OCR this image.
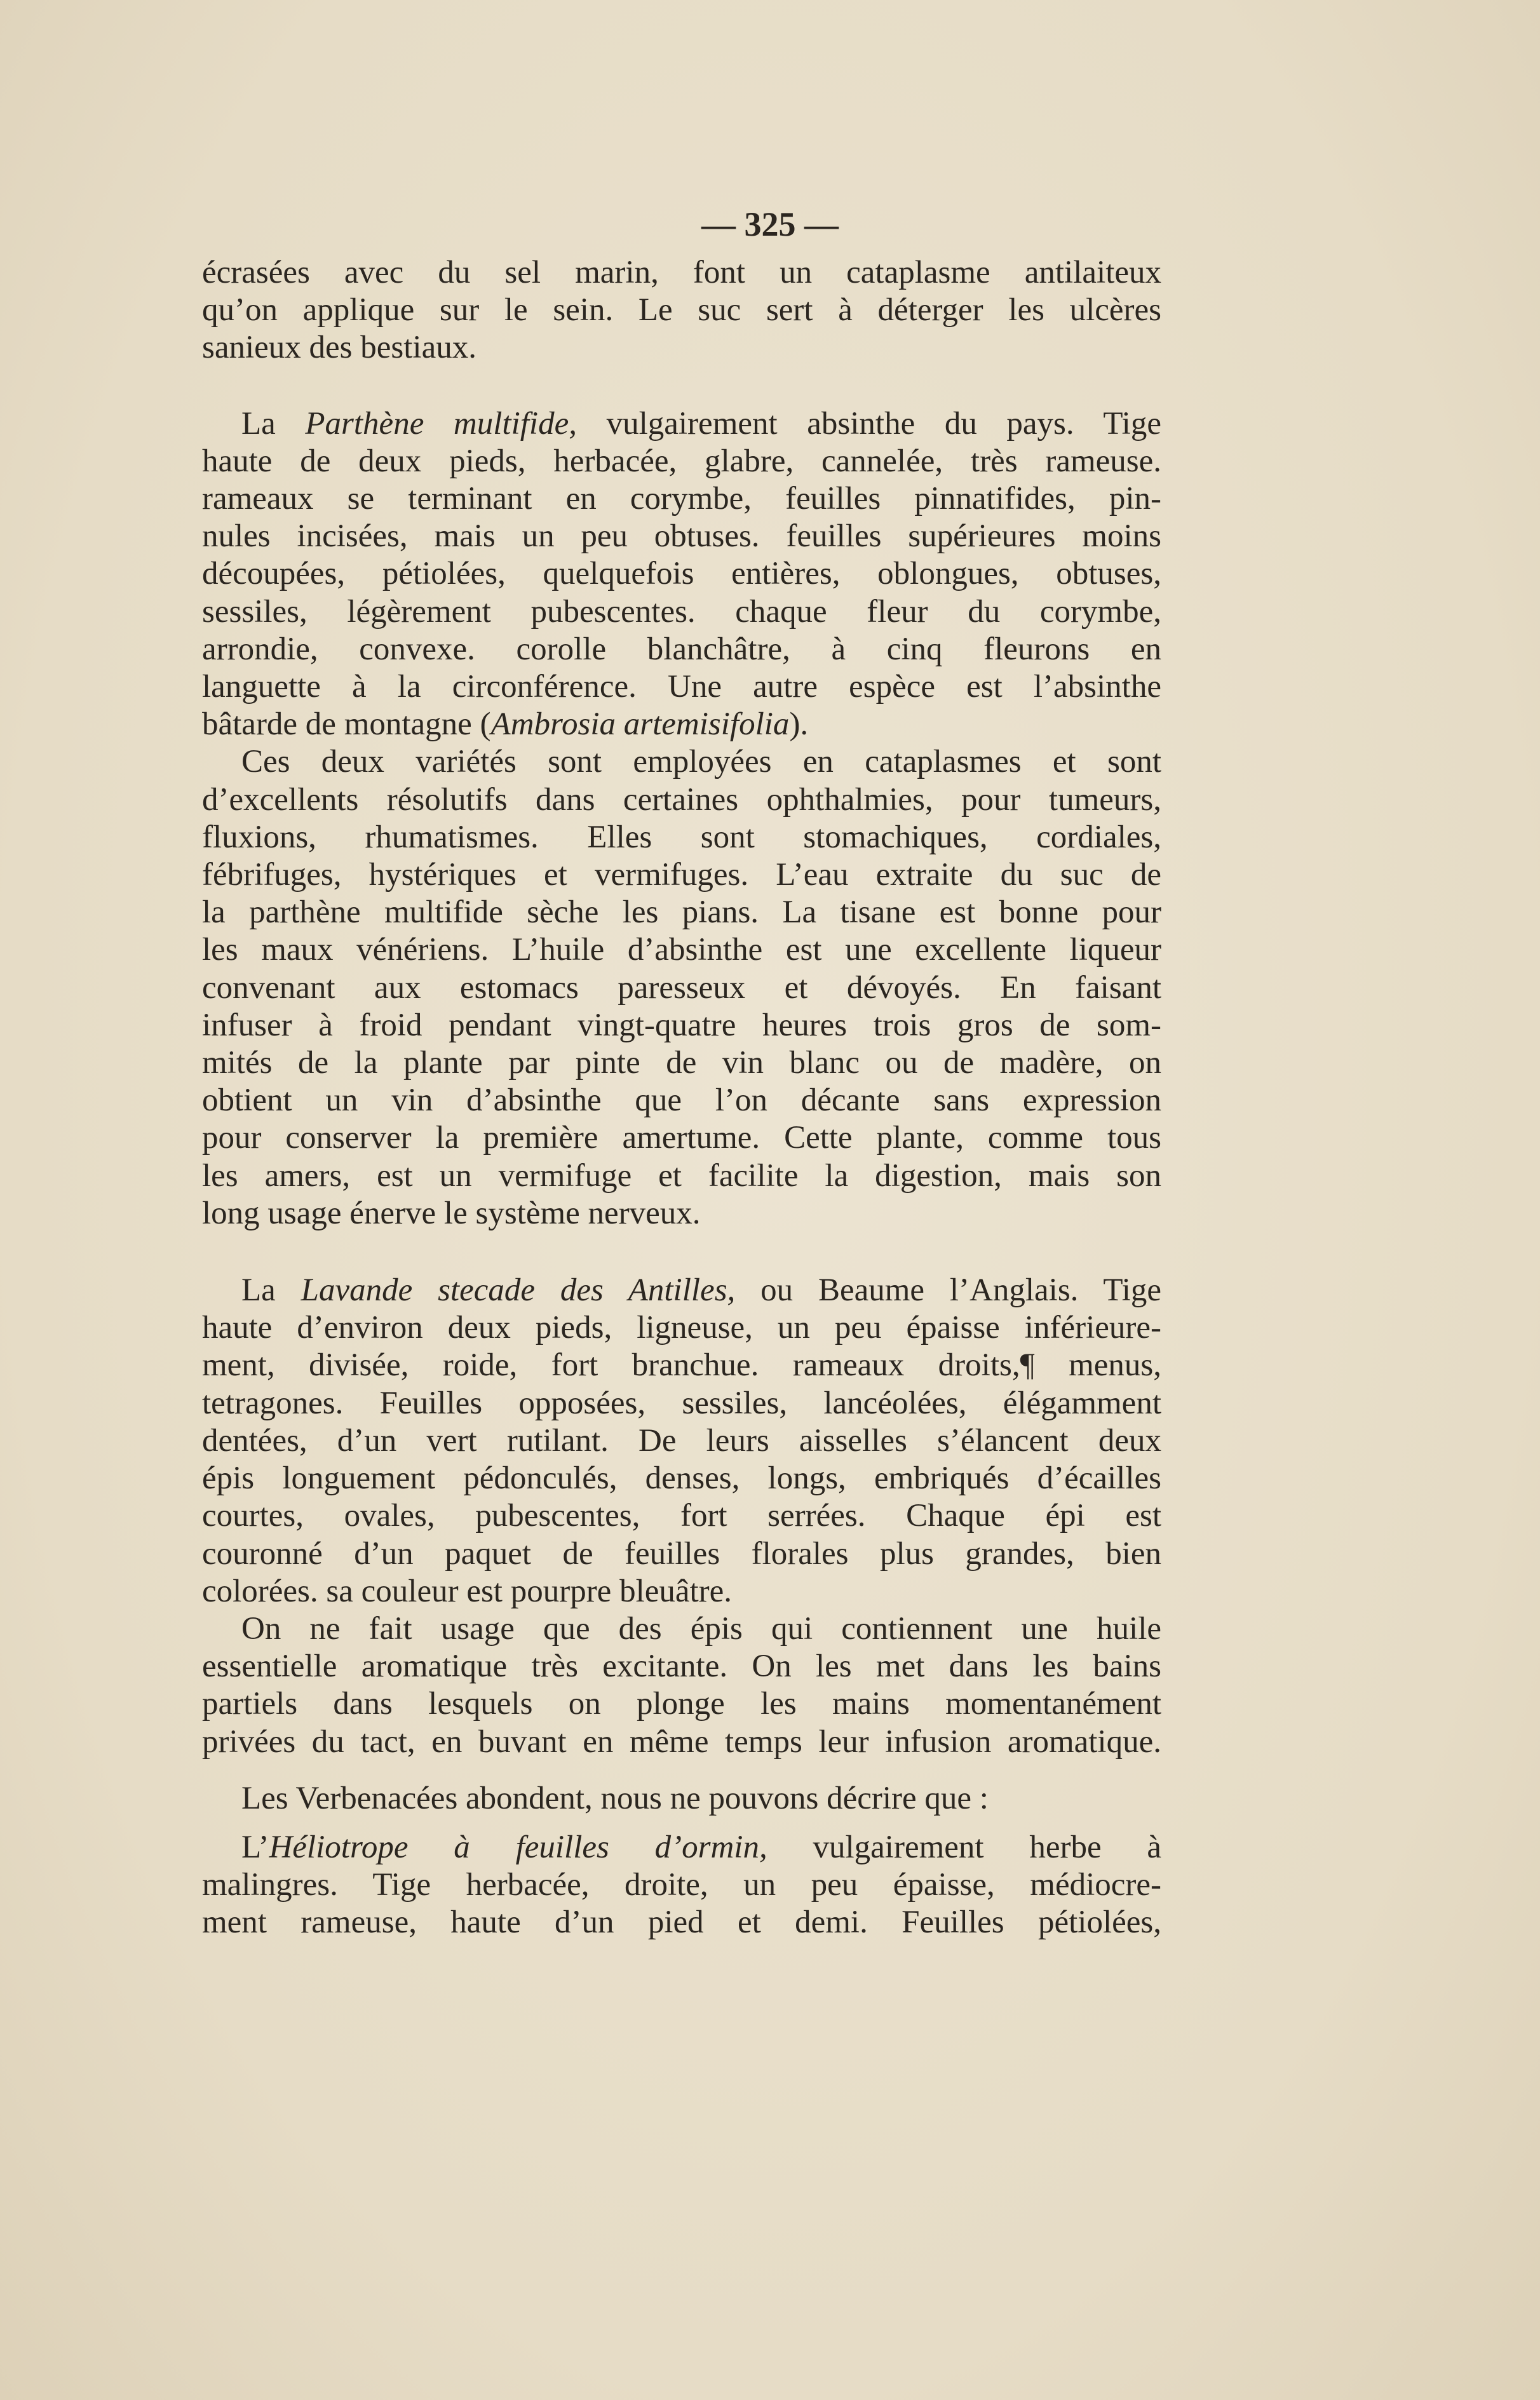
— 325 —
écrasées avec du sel marin, font un cataplasme antilaiteux
qu’on applique sur le sein. Le suc sert à déterger les ulcères
sanieux des bestiaux.
La Parthène multifide, vulgairement absinthe du pays. Tige
haute de deux pieds, herbacée, glabre, cannelée, très rameuse.
rameaux se terminant en corymbe, feuilles pinnatifides, pin-
nules incisées, mais un peu obtuses. feuilles supérieures moins
découpées, pétiolées, quelquefois entières, oblongues, obtuses,
sessiles, légèrement pubescentes. chaque fleur du corymbe,
arrondie, convexe. corolle blanchâtre, à cinq fleurons en
languette à la circonférence. Une autre espèce est l’absinthe
bâtarde de montagne (Ambrosia artemisifolia).
Ces deux variétés sont employées en cataplasmes et sont
d’excellents résolutifs dans certaines ophthalmies, pour tumeurs,
fluxions, rhumatismes. Elles sont stomachiques, cordiales,
fébrifuges, hystériques et vermifuges. L’eau extraite du suc de
la parthène multifide sèche les pians. La tisane est bonne pour
les maux vénériens. L’huile d’absinthe est une excellente liqueur
convenant aux estomacs paresseux et dévoyés. En faisant
infuser à froid pendant vingt-quatre heures trois gros de som-
mités de la plante par pinte de vin blanc ou de madère, on
obtient un vin d’absinthe que l’on décante sans expression
pour conserver la première amertume. Cette plante, comme tous
les amers, est un vermifuge et facilite la digestion, mais son
long usage énerve le système nerveux.
La Lavande stecade des Antilles, ou Beaume l’Anglais. Tige
haute d’environ deux pieds, ligneuse, un peu épaisse inférieure-
ment, divisée, roide, fort branchue. rameaux droits,¶ menus,
tetragones. Feuilles opposées, sessiles, lancéolées, élégamment
dentées, d’un vert rutilant. De leurs aisselles s’élancent deux
épis longuement pédonculés, denses, longs, embriqués d’écailles
courtes, ovales, pubescentes, fort serrées. Chaque épi est
couronné d’un paquet de feuilles florales plus grandes, bien
colorées. sa couleur est pourpre bleuâtre.
On ne fait usage que des épis qui contiennent une huile
essentielle aromatique très excitante. On les met dans les bains
partiels dans lesquels on plonge les mains momentanément
privées du tact, en buvant en même temps leur infusion aromatique.
Les Verbenacées abondent, nous ne pouvons décrire que :
L’Héliotrope à feuilles d’ormin, vulgairement herbe à
malingres. Tige herbacée, droite, un peu épaisse, médiocre-
ment rameuse, haute d’un pied et demi. Feuilles pétiolées,
